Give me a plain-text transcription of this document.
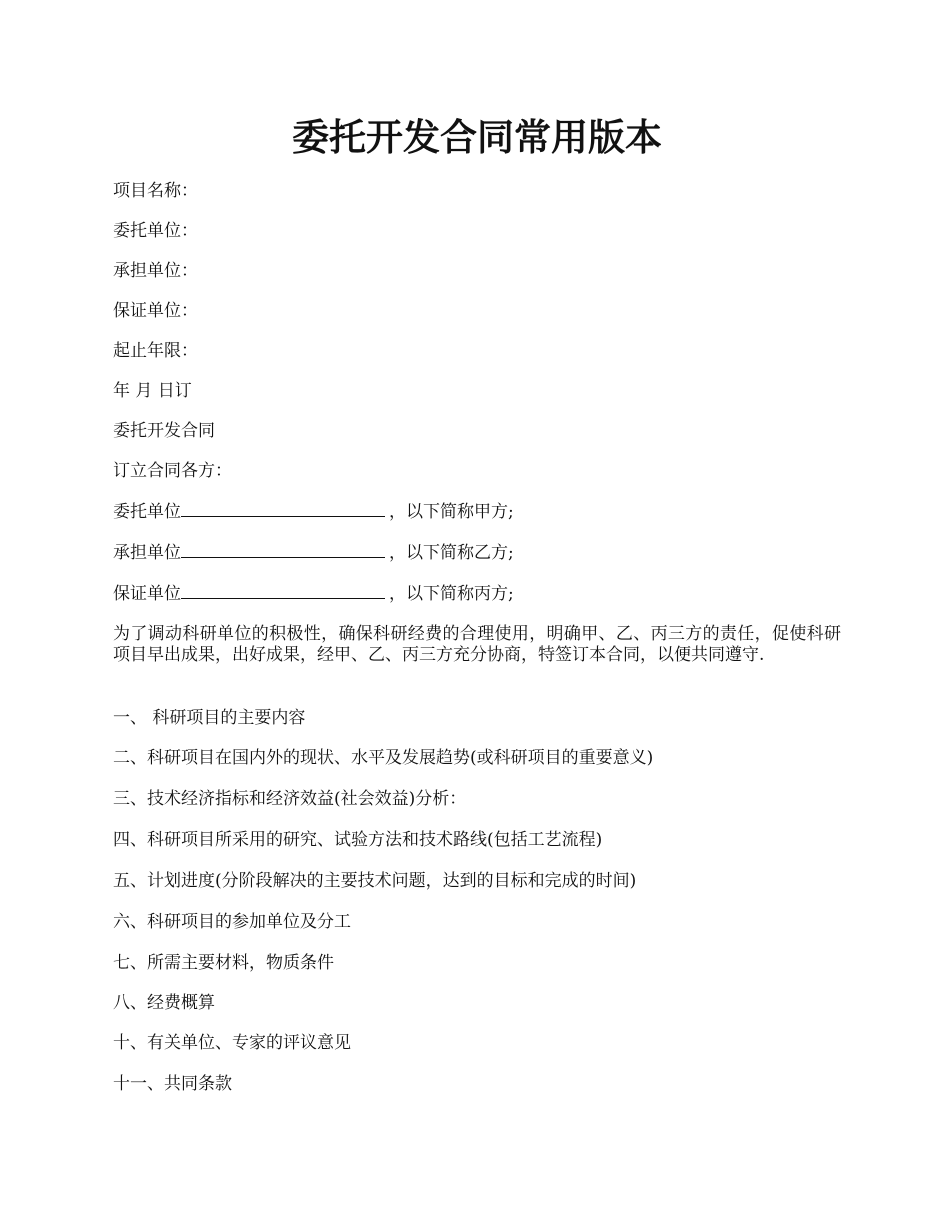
委托开发合同常用版本
项目名称：
委托单位：
承担单位：
保证单位：
起止年限：
年 月 日订
委托开发合同
订立合同各方：
委托单位	，以下简称甲方;
承担单位	，以下简称乙方;
保证单位	，以下简称丙方;
为了调动科研单位的积极性，确保科研经费的合理使用，明确甲、乙、丙三方的责任，促使科研项目早出成果，出好成果，经甲、乙、丙三方充分协商，特签订本合同，以便共同遵守.
一、 科研项目的主要内容
二、科研项目在国内外的现状、水平及发展趋势(或科研项目的重要意义)
三、技术经济指标和经济效益(社会效益)分析：
四、科研项目所采用的研究、试验方法和技术路线(包括工艺流程)
五、计划进度(分阶段解决的主要技术问题，达到的目标和完成的时间)
六、科研项目的参加单位及分工
七、所需主要材料，物质条件
八、经费概算
十、有关单位、专家的评议意见
十一、共同条款
